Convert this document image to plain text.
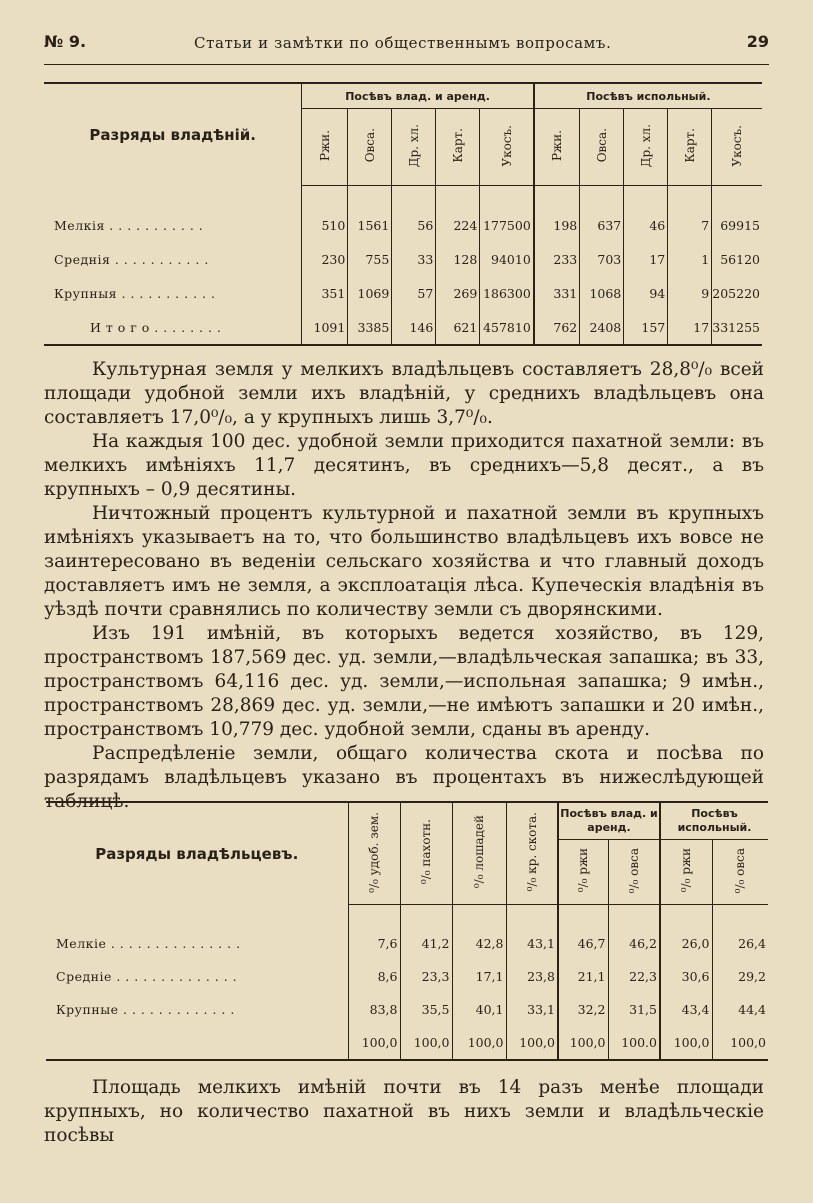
№ 9.	Статьи и замѣтки по общественнымъ вопросамъ.	29
Разряды владѣній.	Посѣвъ влад. и аренд.					Посѣвъ испольный.				
	Ржи.	Овса.	Др. хл.	Карт.	Укосъ.	Ржи.	Овса.	Др. хл.	Карт.	Укосъ.

Мелкія . . . . . . . . . . .	510	1561	56	224	177500	198	637	46	7	69915
Среднія . . . . . . . . . . .	230	755	33	128	94010	233	703	17	1	56120
Крупныя . . . . . . . . . . .	351	1069	57	269	186300	331	1068	94	9	205220
И т о г о . . . . . . . .	1091	3385	146	621	457810	762	2408	157	17	331255

Культурная земля у мелкихъ владѣльцевъ составляетъ 28,8⁰/₀ всей площади удобной земли ихъ владѣній, у среднихъ владѣльцевъ она составляетъ 17,0⁰/₀, а у крупныхъ лишь 3,7⁰/₀.

На каждыя 100 дес. удобной земли приходится пахатной земли: въ мелкихъ имѣніяхъ 11,7 десятинъ, въ среднихъ—5,8 десят., а въ крупныхъ – 0,9 десятины.

Ничтожный процентъ культурной и пахатной земли въ крупныхъ имѣніяхъ указываетъ на то, что большинство владѣльцевъ ихъ вовсе не заинтересовано въ веденіи сельскаго хозяйства и что главный доходъ доставляетъ имъ не земля, а эксплоатація лѣса. Купеческія владѣнія въ уѣздѣ почти сравнялись по количеству земли съ дворянскими.

Изъ 191 имѣній, въ которыхъ ведется хозяйство, въ 129, пространствомъ 187,569 дес. уд. земли,—владѣльческая запашка; въ 33, пространствомъ 64,116 дес. уд. земли,—испольная запашка; 9 имѣн., пространствомъ 28,869 дес. уд. земли,—не имѣютъ запашки и 20 имѣн., пространствомъ 10,779 дес. удобной земли, сданы въ аренду.

Распредѣленіе земли, общаго количества скота и посѣва по разрядамъ владѣльцевъ указано въ процентахъ въ нижеслѣдующей таблицѣ.

Разряды владѣльцевъ.	⁰/₀ удоб. зем.	⁰/₀ пахотн.	⁰/₀ лошадей	⁰/₀ кр. скота.	Посѣвъ влад. и аренд.		Посѣвъ испольный.	
					⁰/₀ ржи	⁰/₀ овса	⁰/₀ ржи	⁰/₀ овса

Мелкіе . . . . . . . . . . . . . . .	7,6	41,2	42,8	43,1	46,7	46,2	26,0	26,4
Средніе . . . . . . . . . . . . . .	8,6	23,3	17,1	23,8	21,1	22,3	30,6	29,2
Крупные . . . . . . . . . . . . .	83,8	35,5	40,1	33,1	32,2	31,5	43,4	44,4
	100,0	100,0	100,0	100,0	100,0	100.0	100,0	100,0

Площадь мелкихъ имѣній почти въ 14 разъ менѣе площади крупныхъ, но количество пахатной въ нихъ земли и владѣльческіе посѣвы
